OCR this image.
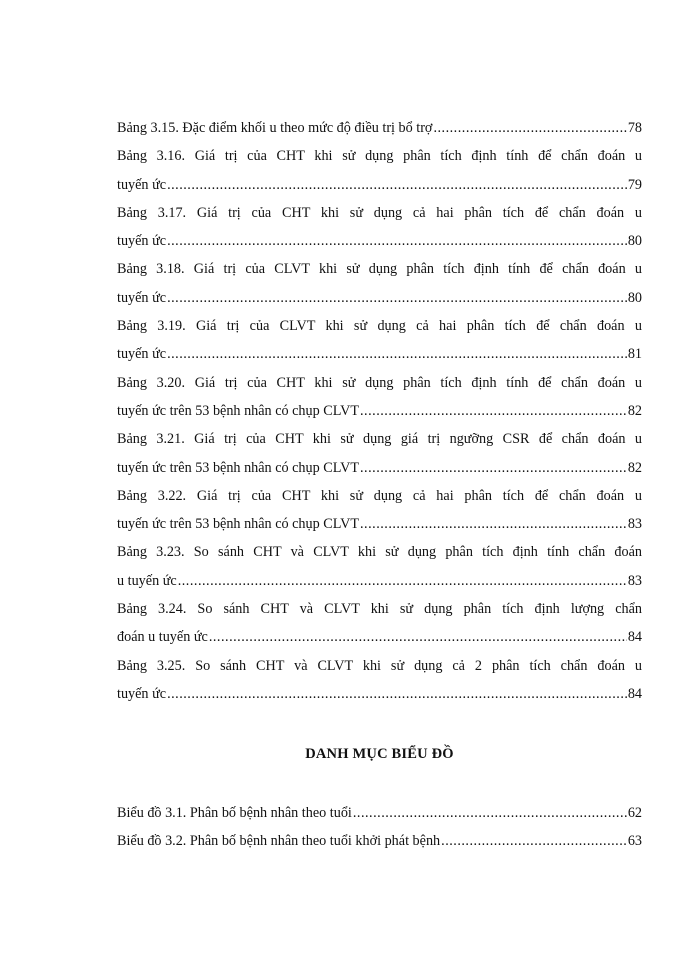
Bảng 3.15. Đặc điểm khối u theo mức độ điều trị bổ trợ .....	78
Bảng 3.16. Giá trị của CHT khi sử dụng phân tích định tính để chẩn đoán u
tuyến ức .....	79
Bảng 3.17. Giá trị của CHT khi sử dụng cả hai phân tích để chẩn đoán u
tuyến ức .....	80
Bảng 3.18. Giá trị của CLVT khi sử dụng phân tích định tính để chẩn đoán u
tuyến ức .....	80
Bảng 3.19. Giá trị của CLVT khi sử dụng cả hai phân tích để chẩn đoán u
tuyến ức .....	81
Bảng 3.20. Giá trị của CHT khi sử dụng phân tích định tính để chẩn đoán u
tuyến ức trên 53 bệnh nhân có chụp CLVT .....	82
Bảng 3.21. Giá trị của CHT khi sử dụng giá trị ngưỡng CSR để chẩn đoán u
tuyến ức trên 53 bệnh nhân có chụp CLVT .....	82
Bảng 3.22. Giá trị của CHT khi sử dụng cả hai phân tích để chẩn đoán u
tuyến ức trên 53 bệnh nhân có chụp CLVT .....	83
Bảng 3.23. So sánh CHT và CLVT khi sử dụng phân tích định tính chẩn đoán
u tuyến ức .....	83
Bảng 3.24. So sánh CHT và CLVT khi sử dụng phân tích định lượng chẩn
đoán u tuyến ức .....	84
Bảng 3.25. So sánh CHT và CLVT khi sử dụng cả 2 phân tích chẩn đoán u
tuyến ức .....	84
DANH MỤC BIỂU ĐỒ
Biểu đồ 3.1. Phân bố bệnh nhân theo tuổi .....	62
Biểu đồ 3.2. Phân bố bệnh nhân theo tuổi khởi phát bệnh .....	63
